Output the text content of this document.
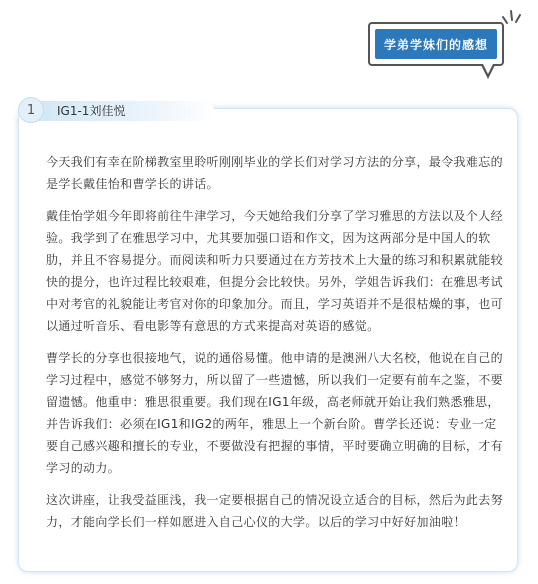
学弟学妹们的感想
1	IG1-1刘佳悦

今天我们有幸在阶梯教室里聆听刚刚毕业的学长们对学习方法的分享，最令我难忘的是学长戴佳怡和曹学长的讲话。

戴佳怡学姐今年即将前往牛津学习，今天她给我们分享了学习雅思的方法以及个人经验。我学到了在雅思学习中，尤其要加强口语和作文，因为这两部分是中国人的软肋，并且不容易提分。而阅读和听力只要通过在方芳技术上大量的练习和积累就能较快的提分，也许过程比较艰难，但提分会比较快。另外，学姐告诉我们：在雅思考试中对考官的礼貌能让考官对你的印象加分。而且，学习英语并不是很枯燥的事，也可以通过听音乐、看电影等有意思的方式来提高对英语的感觉。

曹学长的分享也很接地气，说的通俗易懂。他申请的是澳洲八大名校，他说在自己的学习过程中，感觉不够努力，所以留了一些遗憾，所以我们一定要有前车之鉴，不要留遗憾。他重申：雅思很重要。我们现在IG1年级，高老师就开始让我们熟悉雅思，并告诉我们：必须在IG1和IG2的两年，雅思上一个新台阶。曹学长还说：专业一定要自己感兴趣和擅长的专业，不要做没有把握的事情，平时要确立明确的目标，才有学习的动力。

这次讲座，让我受益匪浅，我一定要根据自己的情况设立适合的目标，然后为此去努力，才能向学长们一样如愿进入自己心仪的大学。以后的学习中好好加油啦！
